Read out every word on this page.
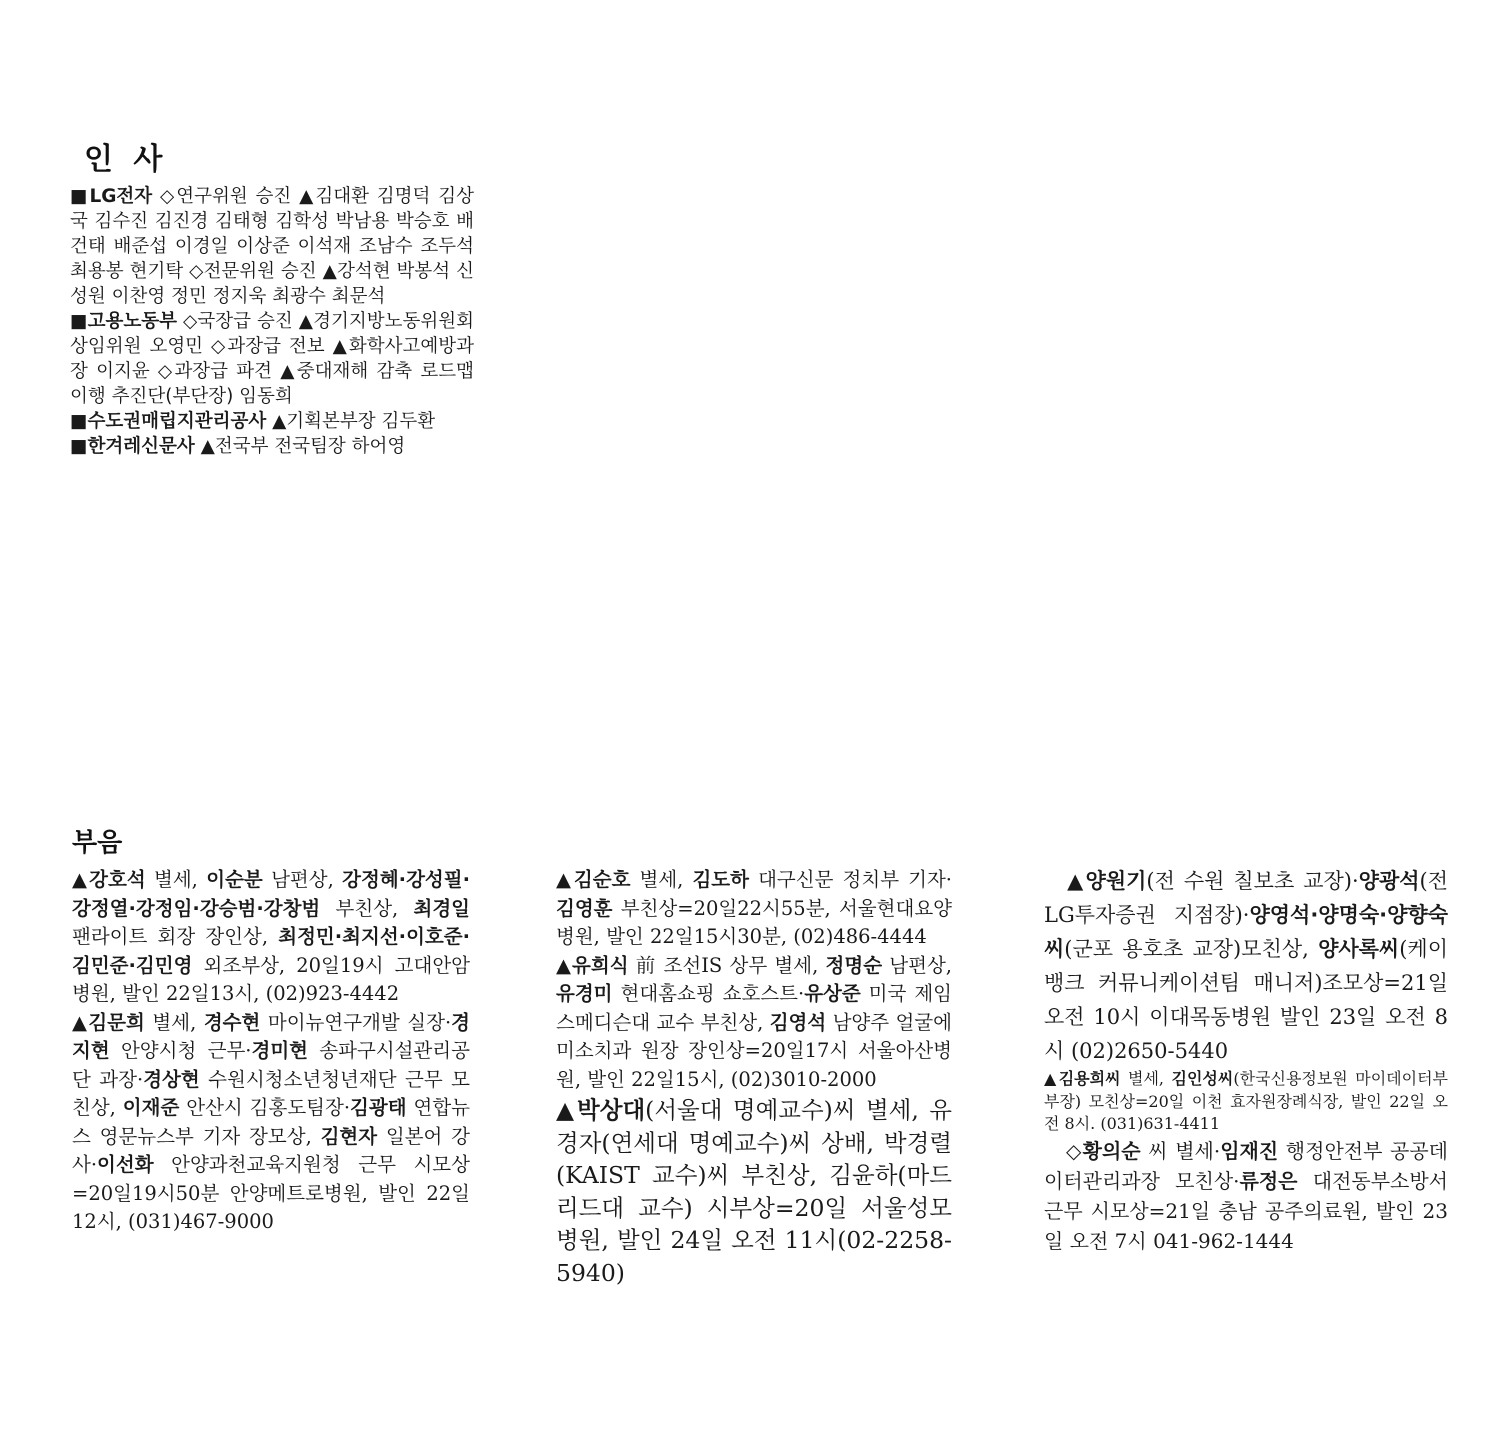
인 사

■LG전자 ◇연구위원 승진 ▲김대환 김명덕 김상국 김수진 김진경 김태형 김학성 박남용 박승호 배건태 배준섭 이경일 이상준 이석재 조남수 조두석 최용봉 현기탁 ◇전문위원 승진 ▲강석현 박봉석 신성원 이찬영 정민 정지욱 최광수 최문석

■고용노동부 ◇국장급 승진 ▲경기지방노동위원회 상임위원 오영민 ◇과장급 전보 ▲화학사고예방과장 이지윤 ◇과장급 파견 ▲중대재해 감축 로드맵 이행 추진단(부단장) 임동희

■수도권매립지관리공사 ▲기획본부장 김두환

■한겨레신문사 ▲전국부 전국팀장 하어영

부음

▲강호석 별세, 이순분 남편상, 강정혜·강성필·강정열·강정임·강승범·강창범 부친상, 최경일 팬라이트 회장 장인상, 최정민·최지선·이호준·김민준·김민영 외조부상, 20일19시 고대안암병원, 발인 22일13시, (02)923-4442

▲김문희 별세, 경수현 마이뉴연구개발 실장·경지현 안양시청 근무·경미현 송파구시설관리공단 과장·경상현 수원시청소년청년재단 근무 모친상, 이재준 안산시 김홍도팀장·김광태 연합뉴스 영문뉴스부 기자 장모상, 김현자 일본어 강사·이선화 안양과천교육지원청 근무 시모상=20일19시50분 안양메트로병원, 발인 22일12시, (031)467-9000

▲김순호 별세, 김도하 대구신문 정치부 기자·김영훈 부친상=20일22시55분, 서울현대요양병원, 발인 22일15시30분, (02)486-4444

▲유희식 前 조선IS 상무 별세, 정명순 남편상, 유경미 현대홈쇼핑 쇼호스트·유상준 미국 제임스메디슨대 교수 부친상, 김영석 남양주 얼굴에미소치과 원장 장인상=20일17시 서울아산병원, 발인 22일15시, (02)3010-2000

▲박상대(서울대 명예교수)씨 별세, 유경자(연세대 명예교수)씨 상배, 박경렬(KAIST 교수)씨 부친상, 김윤하(마드리드대 교수) 시부상=20일 서울성모병원, 발인 24일 오전 11시(02-2258-5940)

▲양원기(전 수원 칠보초 교장)·양광석(전 LG투자증권 지점장)·양영석·양명숙·양향숙씨(군포 용호초 교장)모친상, 양사록씨(케이뱅크 커뮤니케이션팀 매니저)조모상=21일 오전 10시 이대목동병원 발인 23일 오전 8시 (02)2650-5440

▲김용희씨 별세, 김인성씨(한국신용정보원 마이데이터부 부장) 모친상=20일 이천 효자원장례식장, 발인 22일 오전 8시. (031)631-4411

◇황의순 씨 별세·임재진 행정안전부 공공데이터관리과장 모친상·류정은 대전동부소방서 근무 시모상=21일 충남 공주의료원, 발인 23일 오전 7시 041-962-1444
